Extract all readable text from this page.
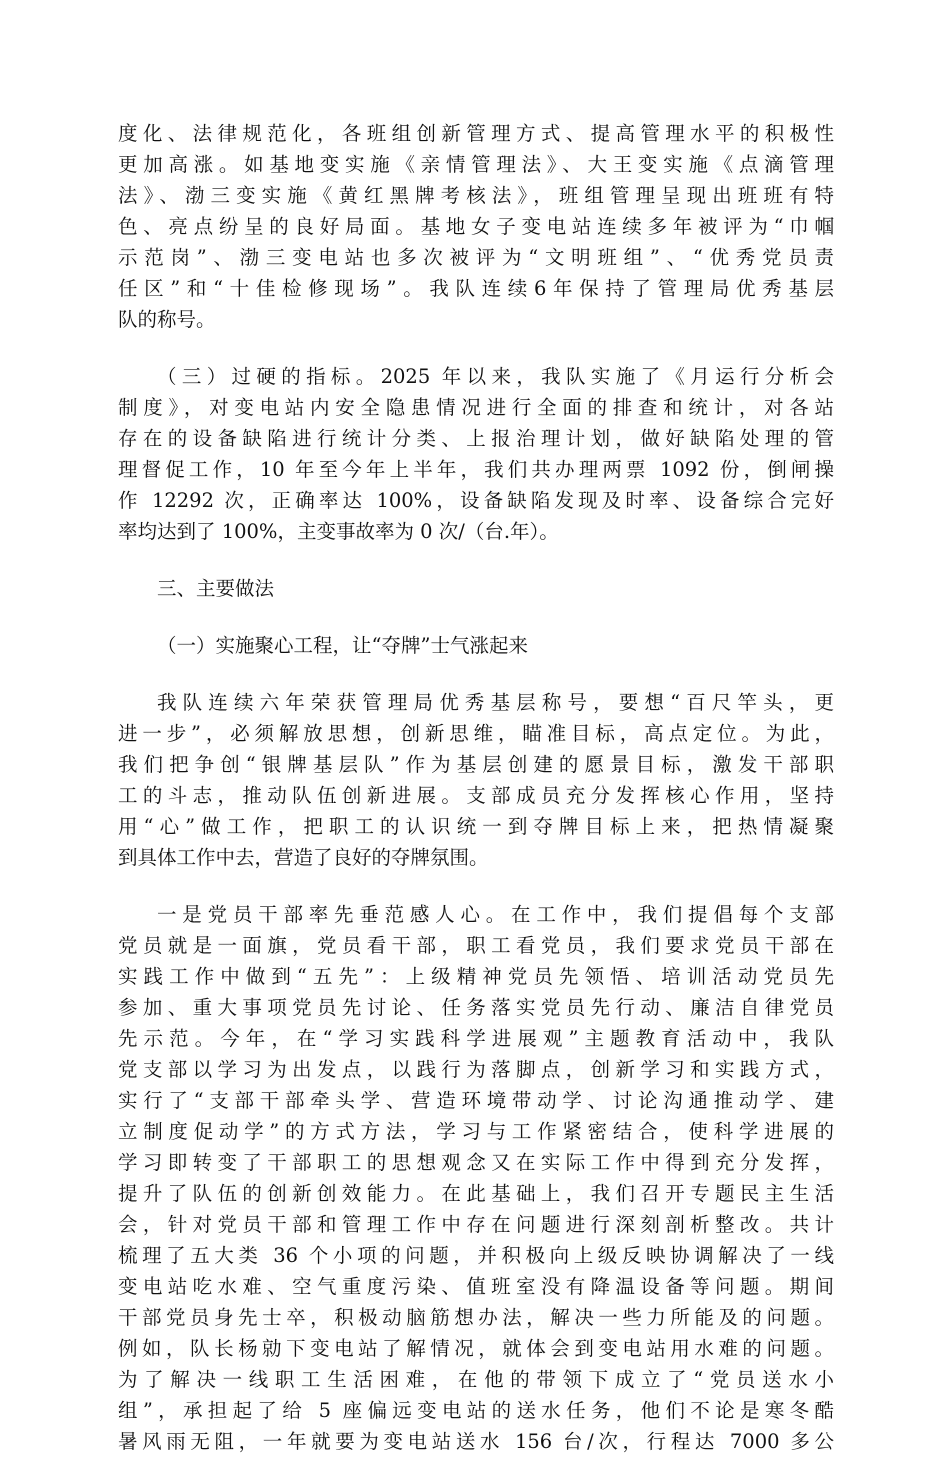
度化、法律规范化，各班组创新管理方式、提高管理水平的积极性
更加高涨。如基地变实施《亲情管理法》、大王变实施《点滴管理
法》、渤三变实施《黄红黑牌考核法》，班组管理呈现出班班有特
色、亮点纷呈的良好局面。基地女子变电站连续多年被评为“巾帼
示范岗”、渤三变电站也多次被评为“文明班组”、“优秀党员责
任区”和“十佳检修现场”。我队连续6年保持了管理局优秀基层
队的称号。
（三）过硬的指标。2025 年以来，我队实施了《月运行分析会
制度》，对变电站内安全隐患情况进行全面的排查和统计，对各站
存在的设备缺陷进行统计分类、上报治理计划，做好缺陷处理的管
理督促工作，10 年至今年上半年，我们共办理两票 1092 份，倒闸操
作 12292 次，正确率达 100%，设备缺陷发现及时率、设备综合完好
率均达到了 100%，主变事故率为 0 次/（台.年）。
三、主要做法
（一）实施聚心工程，让“夺牌”士气涨起来
我队连续六年荣获管理局优秀基层称号，要想“百尺竿头，更
进一步”，必须解放思想，创新思维，瞄准目标，高点定位。为此，
我们把争创“银牌基层队”作为基层创建的愿景目标，激发干部职
工的斗志，推动队伍创新进展。支部成员充分发挥核心作用，坚持
用“心”做工作，把职工的认识统一到夺牌目标上来，把热情凝聚
到具体工作中去，营造了良好的夺牌氛围。
一是党员干部率先垂范感人心。在工作中，我们提倡每个支部
党员就是一面旗，党员看干部，职工看党员，我们要求党员干部在
实践工作中做到“五先”：上级精神党员先领悟、培训活动党员先
参加、重大事项党员先讨论、任务落实党员先行动、廉洁自律党员
先示范。今年，在“学习实践科学进展观”主题教育活动中，我队
党支部以学习为出发点，以践行为落脚点，创新学习和实践方式，
实行了“支部干部牵头学、营造环境带动学、讨论沟通推动学、建
立制度促动学”的方式方法，学习与工作紧密结合，使科学进展的
学习即转变了干部职工的思想观念又在实际工作中得到充分发挥，
提升了队伍的创新创效能力。在此基础上，我们召开专题民主生活
会，针对党员干部和管理工作中存在问题进行深刻剖析整改。共计
梳理了五大类 36 个小项的问题，并积极向上级反映协调解决了一线
变电站吃水难、空气重度污染、值班室没有降温设备等问题。期间
干部党员身先士卒，积极动脑筋想办法，解决一些力所能及的问题。
例如，队长杨勍下变电站了解情况，就体会到变电站用水难的问题。
为了解决一线职工生活困难，在他的带领下成立了“党员送水小
组”，承担起了给 5 座偏远变电站的送水任务，他们不论是寒冬酷
暑风雨无阻，一年就要为变电站送水 156 台/次，行程达 7000 多公
